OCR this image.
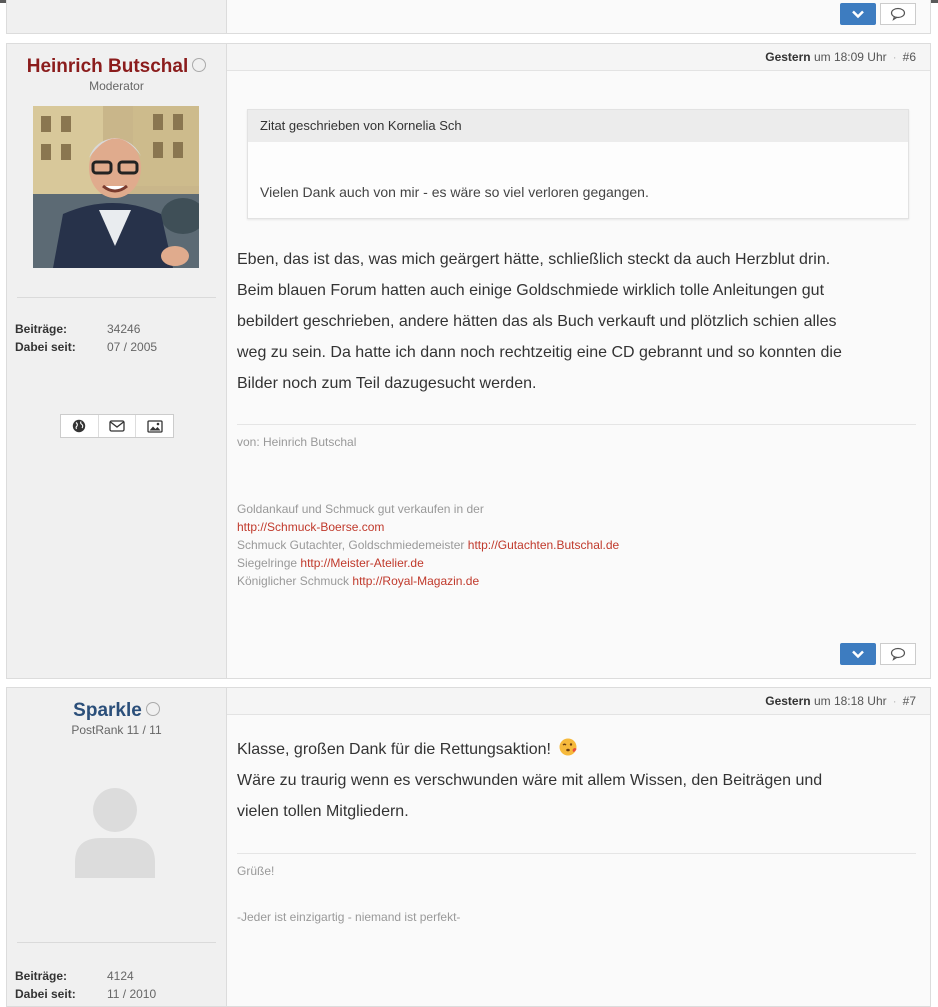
Heinrich Butschal
Moderator
Beiträge:	34246
Dabei seit:	07 / 2005
Gestern um 18:09 Uhr · #6
Zitat geschrieben von Kornelia Sch
Vielen Dank auch von mir - es wäre so viel verloren gegangen.
Eben, das ist das, was mich geärgert hätte, schließlich steckt da auch Herzblut drin.
Beim blauen Forum hatten auch einige Goldschmiede wirklich tolle Anleitungen gut
bebildert geschrieben, andere hätten das als Buch verkauft und plötzlich schien alles
weg zu sein. Da hatte ich dann noch rechtzeitig eine CD gebrannt und so konnten die
Bilder noch zum Teil dazugesucht werden.
von: Heinrich Butschal
Goldankauf und Schmuck gut verkaufen in der
http://Schmuck-Boerse.com
Schmuck Gutachter, Goldschmiedemeister http://Gutachten.Butschal.de
Siegelringe http://Meister-Atelier.de
Königlicher Schmuck http://Royal-Magazin.de
Sparkle
PostRank 11 / 11
Beiträge:	4124
Dabei seit:	11 / 2010
Gestern um 18:18 Uhr · #7
Klasse, großen Dank für die Rettungsaktion!
Wäre zu traurig wenn es verschwunden wäre mit allem Wissen, den Beiträgen und
vielen tollen Mitgliedern.
Grüße!
-Jeder ist einzigartig - niemand ist perfekt-
